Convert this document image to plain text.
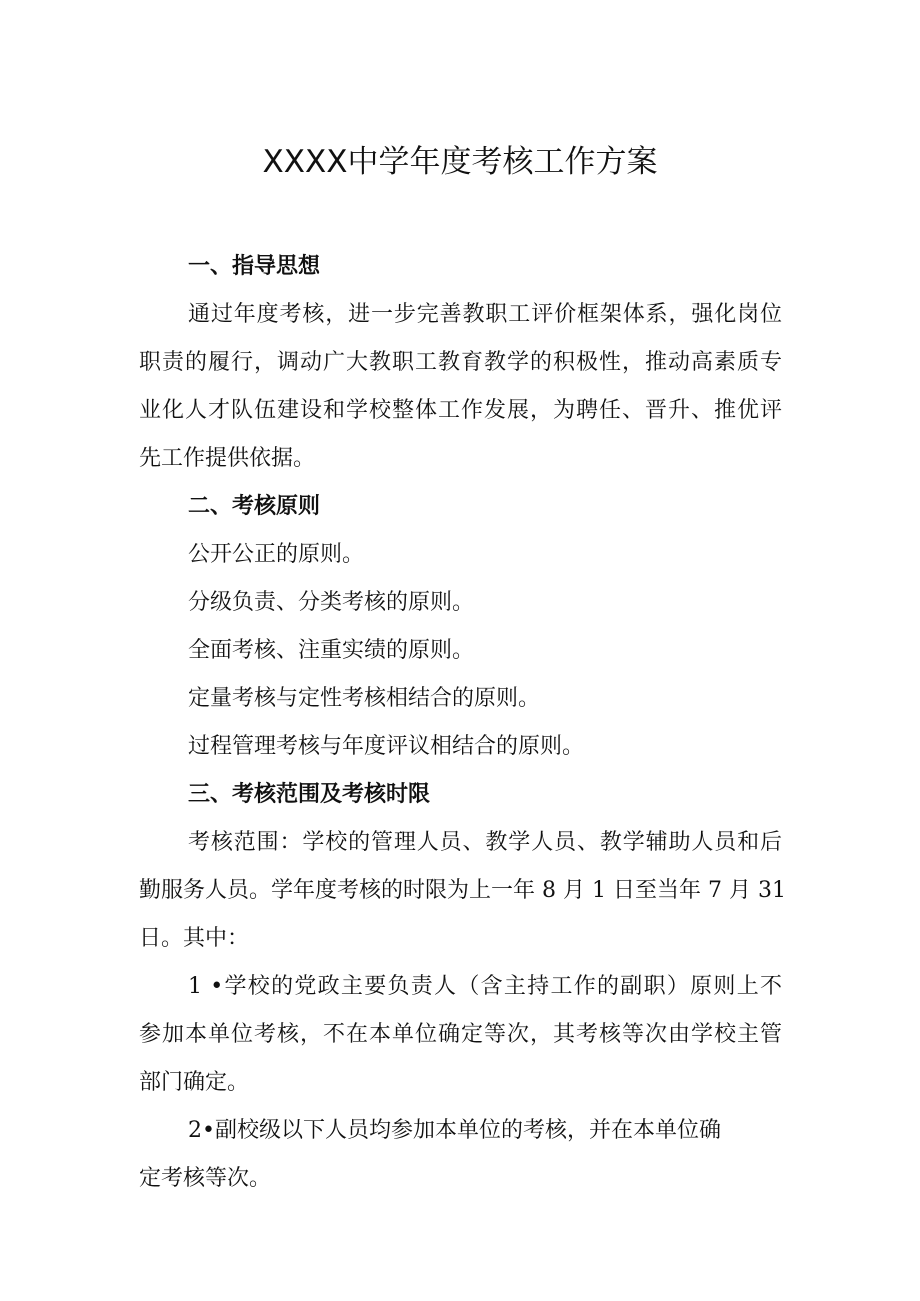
XXXX中学年度考核工作方案
一、指导思想
通过年度考核，进一步完善教职工评价框架体系，强化岗位
职责的履行，调动广大教职工教育教学的积极性，推动高素质专
业化人才队伍建设和学校整体工作发展，为聘任、晋升、推优评
先工作提供依据。
二、考核原则
公开公正的原则。
分级负责、分类考核的原则。
全面考核、注重实绩的原则。
定量考核与定性考核相结合的原则。
过程管理考核与年度评议相结合的原则。
三、考核范围及考核时限
考核范围：学校的管理人员、教学人员、教学辅助人员和后
勤服务人员。学年度考核的时限为上一年 8 月 1 日至当年 7 月 31
日。其中：
1 •学校的党政主要负责人（含主持工作的副职）原则上不
参加本单位考核，不在本单位确定等次，其考核等次由学校主管
部门确定。
2•副校级以下人员均参加本单位的考核，并在本单位确
定考核等次。
